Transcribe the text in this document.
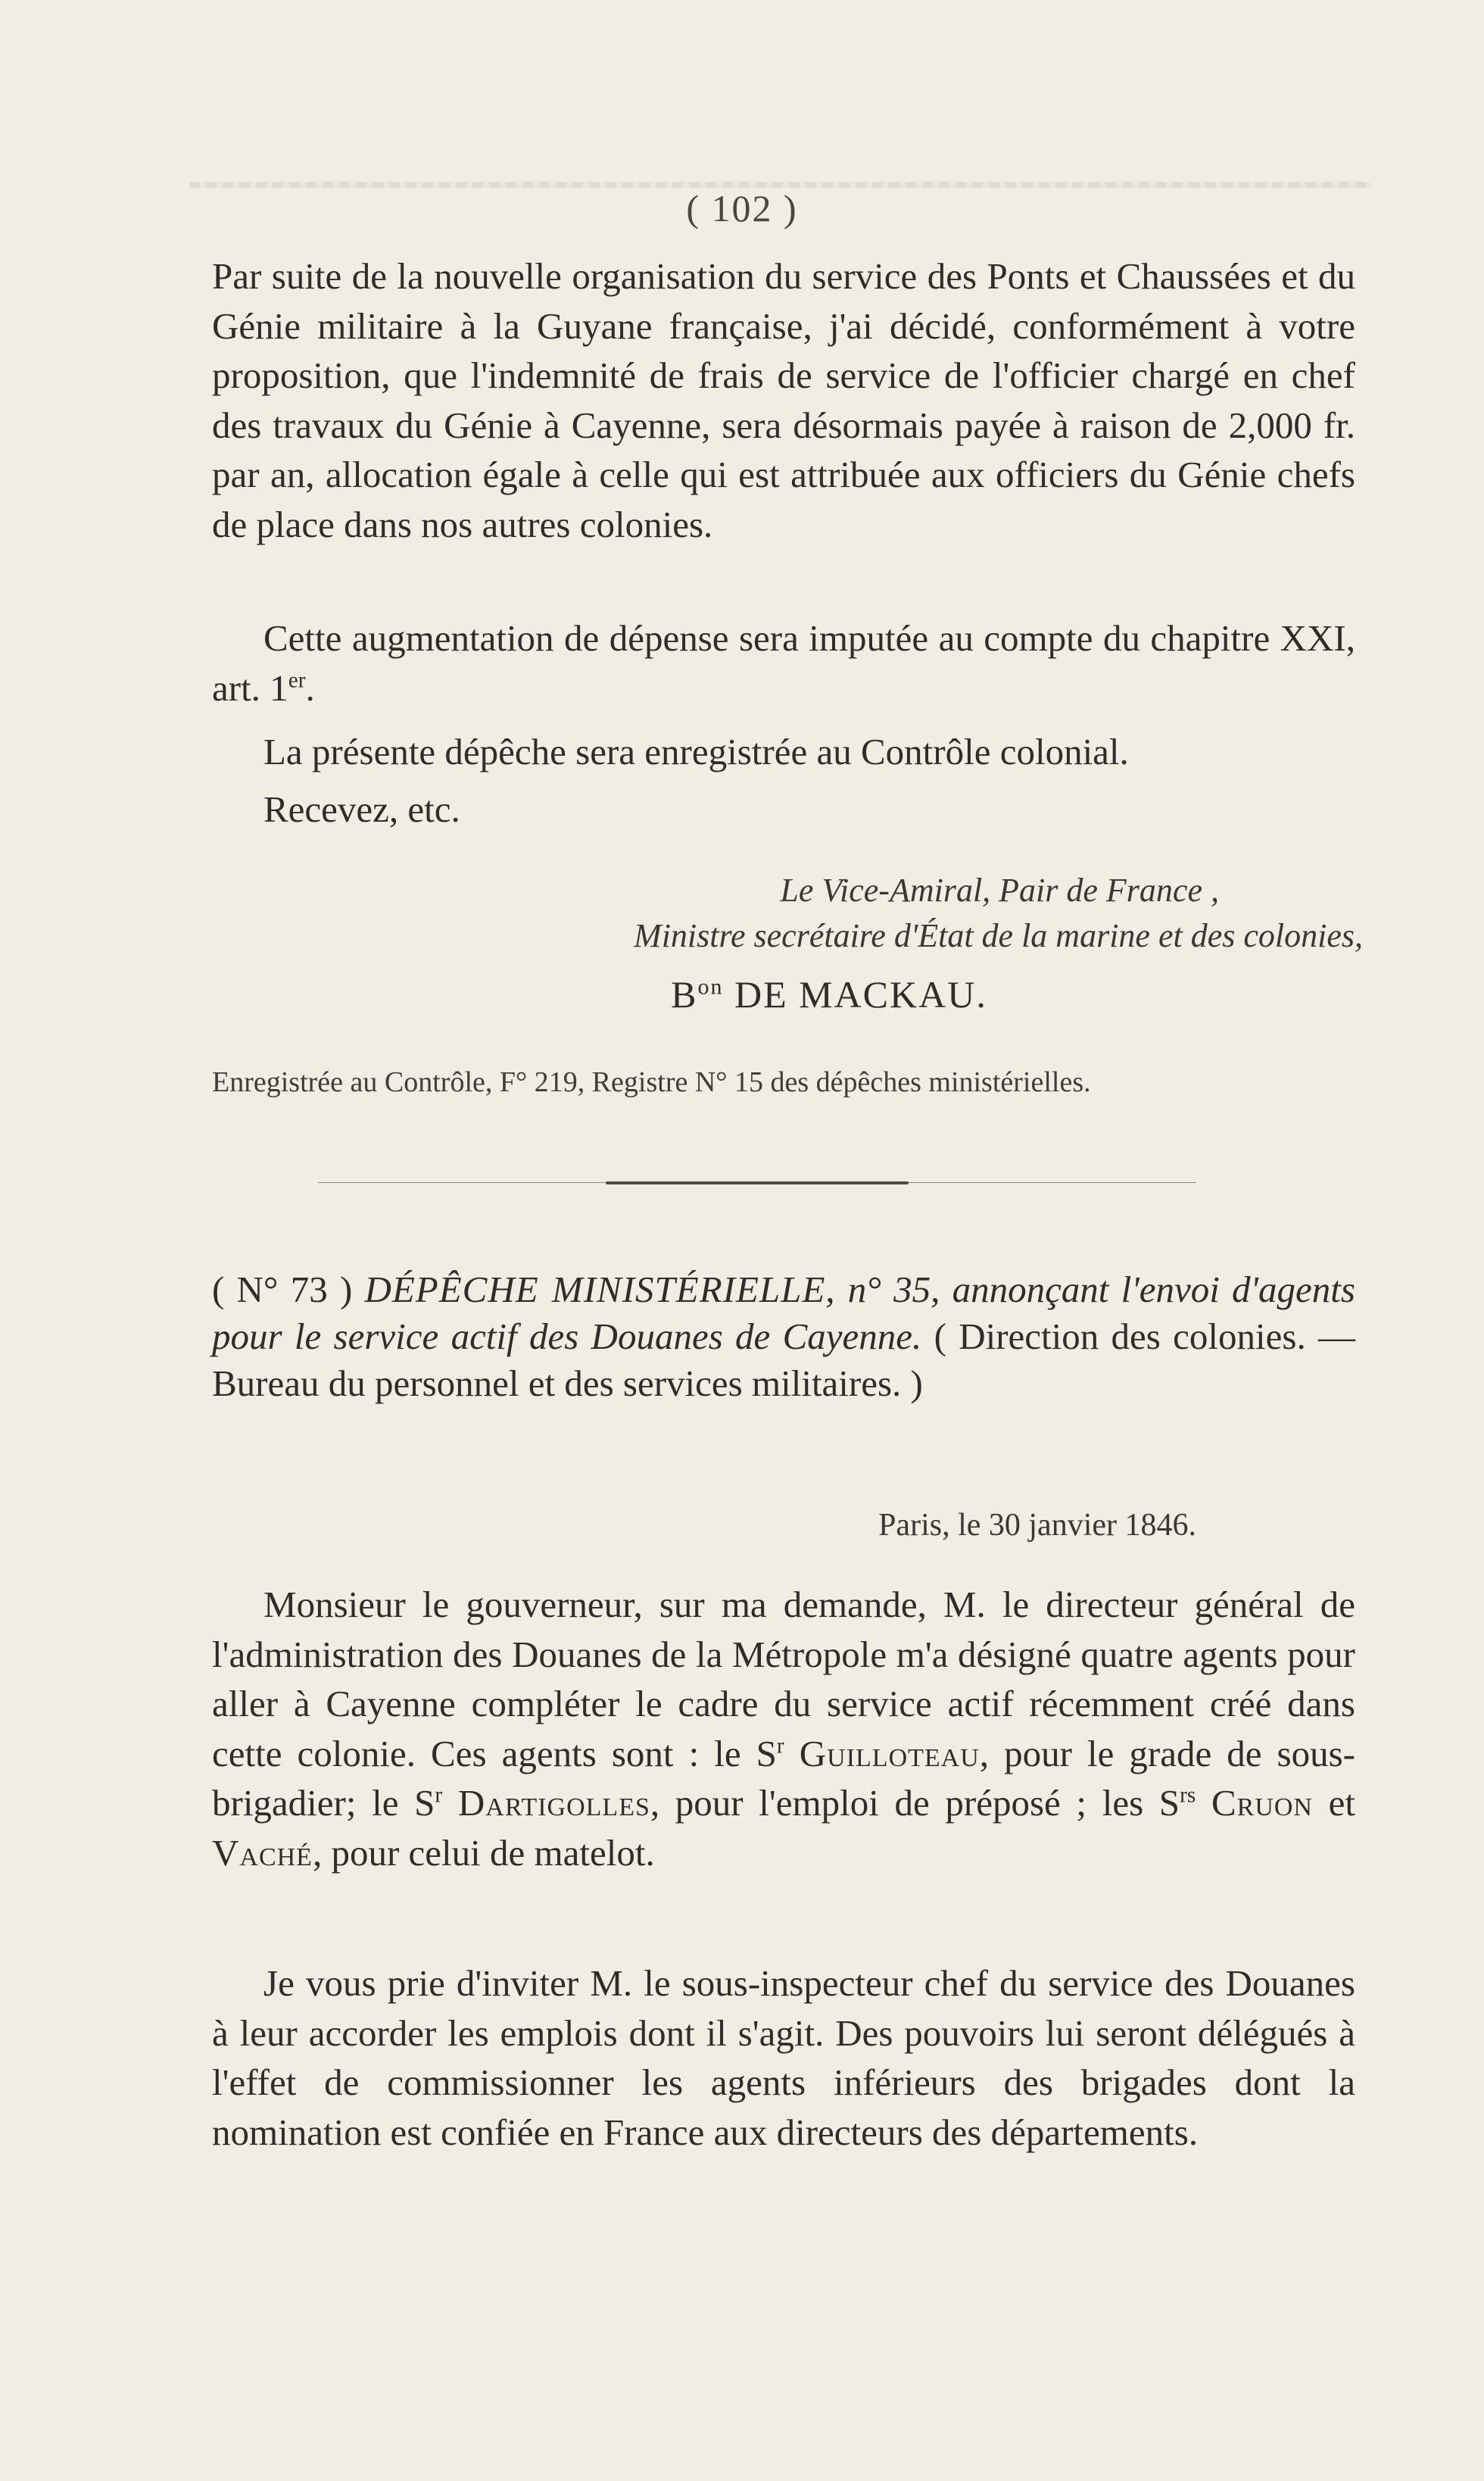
( 102 )

Par suite de la nouvelle organisation du service des Ponts et Chaussées et du Génie militaire à la Guyane française, j'ai décidé, conformément à votre proposition, que l'indemnité de frais de service de l'officier chargé en chef des travaux du Génie à Cayenne, sera désormais payée à raison de 2,000 fr. par an, allocation égale à celle qui est attribuée aux officiers du Génie chefs de place dans nos autres colonies.

Cette augmentation de dépense sera imputée au compte du chapitre XXI, art. 1er.

La présente dépêche sera enregistrée au Contrôle colonial.

Recevez, etc.

Le Vice-Amiral, Pair de France ,
Ministre secrétaire d'État de la marine et des colonies,
$B^{on}$ DE MACKAU.
Enregistrée au Contrôle, F° 219, Registre N° 15 des dépêches ministérielles.
( N° 73 ) DÉPÊCHE MINISTÉRIELLE, n° 35, annonçant l'envoi d'agents pour le service actif des Douanes de Cayenne. ( Direction des colonies. — Bureau du personnel et des services militaires. )
Paris, le 30 janvier 1846.

Monsieur le gouverneur, sur ma demande, M. le directeur général de l'administration des Douanes de la Métropole m'a désigné quatre agents pour aller à Cayenne compléter le cadre du service actif récemment créé dans cette colonie. Ces agents sont : le $S^r$ Guilloteau, pour le grade de sous-brigadier; le $S^r$ Dartigolles, pour l'emploi de préposé ; les $S^{rs}$ Cruon et Vaché, pour celui de matelot.

Je vous prie d'inviter M. le sous-inspecteur chef du service des Douanes à leur accorder les emplois dont il s'agit. Des pouvoirs lui seront délégués à l'effet de commissionner les agents inférieurs des brigades dont la nomination est confiée en France aux directeurs des départements.
